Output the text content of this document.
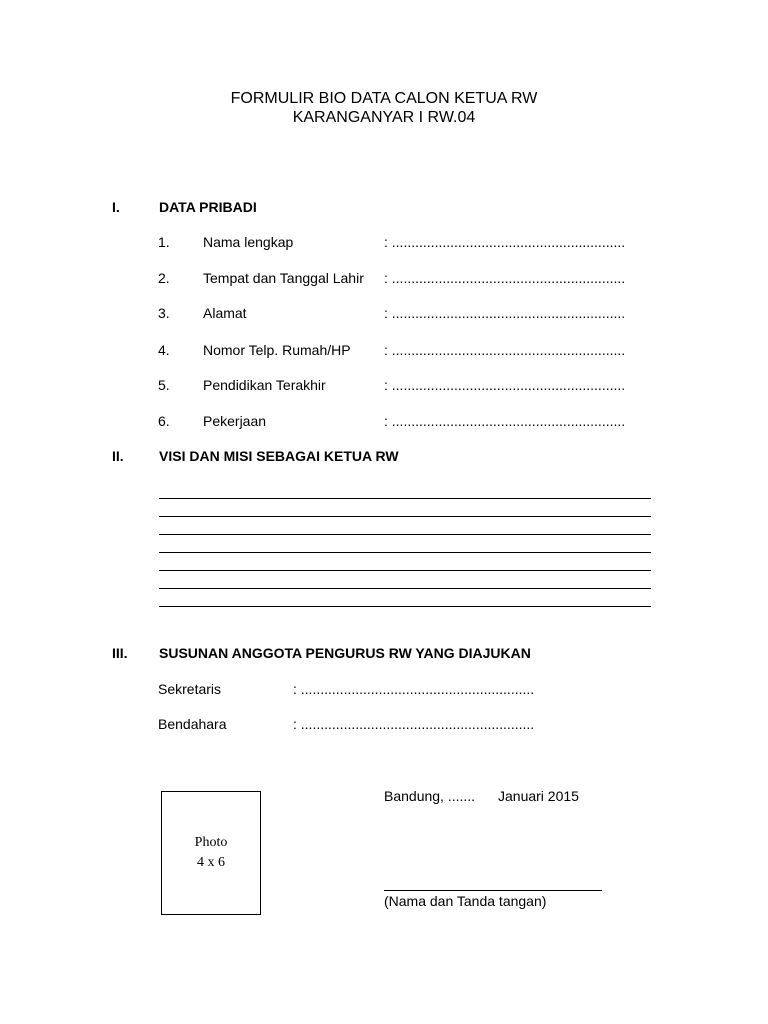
FORMULIR BIO DATA CALON KETUA RW
KARANGANYAR I RW.04
I.	DATA PRIBADI
1. Nama lengkap	: ............................................................
2. Tempat dan Tanggal Lahir : ............................................................
3. Alamat	: ............................................................
4. Nomor Telp. Rumah/HP : ............................................................
5. Pendidikan Terakhir	: ............................................................
6. Pekerjaan	: ............................................................
II.	VISI DAN MISI SEBAGAI KETUA RW
III. SUSUNAN ANGGOTA PENGURUS RW YANG DIAJUKAN
Sekretaris	: ............................................................
Bendahara	: ............................................................
Photo
4 x 6
Bandung, ....... Januari 2015
(Nama dan Tanda tangan)
